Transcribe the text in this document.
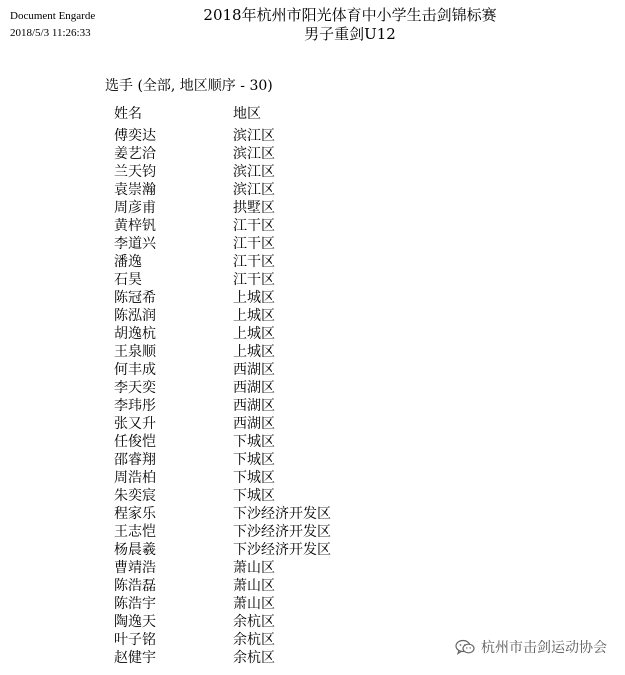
Document Engarde
2018/5/3 11:26:33
2018年杭州市阳光体育中小学生击剑锦标赛
男子重剑U12
选手 (全部, 地区顺序 - 30)
姓名	地区
傅奕达	滨江区
姜艺洽	滨江区
兰天钧	滨江区
袁崇瀚	滨江区
周彦甫	拱墅区
黄梓钒	江干区
李道兴	江干区
潘逸	江干区
石昊	江干区
陈冠希	上城区
陈泓润	上城区
胡逸杭	上城区
王泉顺	上城区
何丰成	西湖区
李天奕	西湖区
李玮彤	西湖区
张又升	西湖区
任俊恺	下城区
邵睿翔	下城区
周浩柏	下城区
朱奕宸	下城区
程家乐	下沙经济开发区
王志恺	下沙经济开发区
杨晨羲	下沙经济开发区
曹靖浩	萧山区
陈浩磊	萧山区
陈浩宇	萧山区
陶逸天	余杭区
叶子铭	余杭区
赵健宇	余杭区
杭州市击剑运动协会
